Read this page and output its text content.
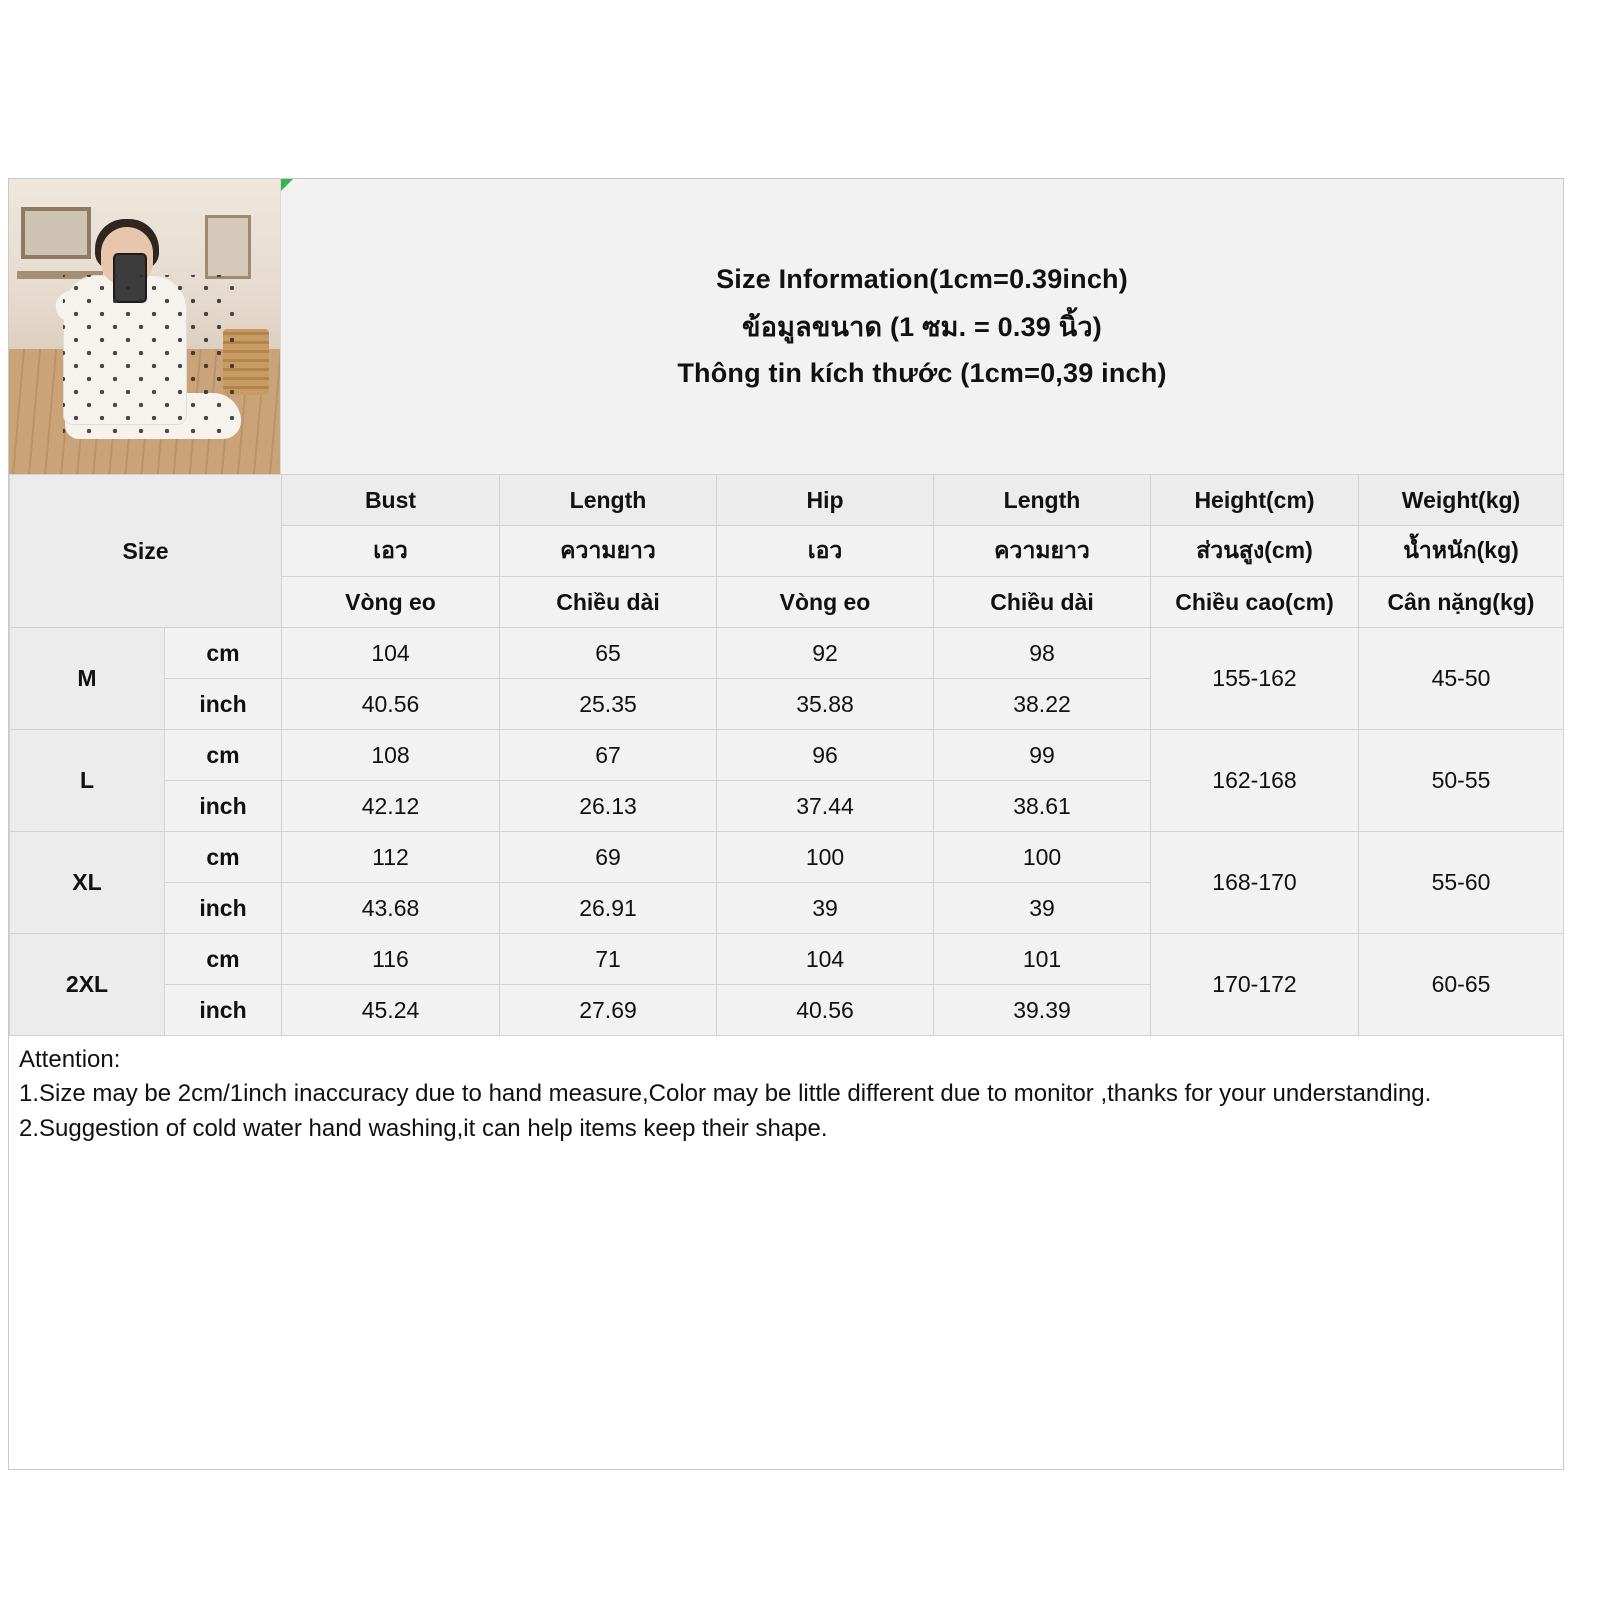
Size Information(1cm=0.39inch)
ข้อมูลขนาด (1 ซม. = 0.39 นิ้ว)
Thông tin kích thước (1cm=0,39 inch)
Size		Bust	Length	Hip	Length	Height(cm)	Weight(kg)
		เอว	ความยาว	เอว	ความยาว	ส่วนสูง(cm)	น้ำหนัก(kg)
		Vòng eo	Chiều dài	Vòng eo	Chiều dài	Chiều cao(cm)	Cân nặng(kg)
M	cm	104	65	92	98	155-162	45-50
	inch	40.56	25.35	35.88	38.22		
L	cm	108	67	96	99	162-168	50-55
	inch	42.12	26.13	37.44	38.61		
XL	cm	112	69	100	100	168-170	55-60
	inch	43.68	26.91	39	39		
2XL	cm	116	71	104	101	170-172	60-65
	inch	45.24	27.69	40.56	39.39		

Attention:

1.Size may be 2cm/1inch inaccuracy due to hand measure,Color may be little different due to monitor ,thanks for your understanding.

2.Suggestion of cold water hand washing,it can help items keep their shape.
